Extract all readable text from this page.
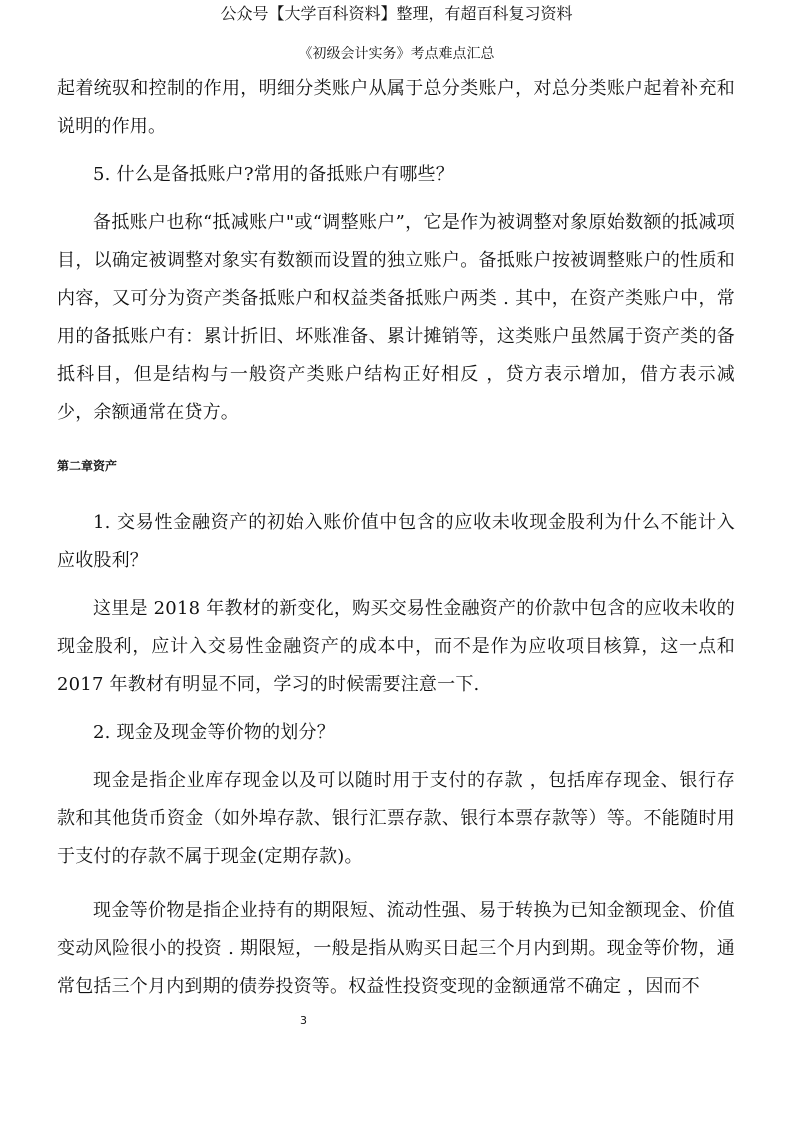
公众号【大学百科资料】整理，有超百科复习资料
《初级会计实务》考点难点汇总

起着统驭和控制的作用，明细分类账户从属于总分类账户，对总分类账户起着补充和说明的作用。

5. 什么是备抵账户?常用的备抵账户有哪些？

备抵账户也称“抵减账户"或“调整账户”，它是作为被调整对象原始数额的抵减项目，以确定被调整对象实有数额而设置的独立账户。备抵账户按被调整账户的性质和内容，又可分为资产类备抵账户和权益类备抵账户两类 . 其中，在资产类账户中，常用的备抵账户有：累计折旧、坏账准备、累计摊销等，这类账户虽然属于资产类的备抵科目，但是结构与一般资产类账户结构正好相反 ，贷方表示增加，借方表示减少，余额通常在贷方。

第二章资产

1. 交易性金融资产的初始入账价值中包含的应收未收现金股利为什么不能计入应收股利？

这里是 2018 年教材的新变化，购买交易性金融资产的价款中包含的应收未收的现金股利，应计入交易性金融资产的成本中，而不是作为应收项目核算，这一点和 2017 年教材有明显不同，学习的时候需要注意一下.

2. 现金及现金等价物的划分？

现金是指企业库存现金以及可以随时用于支付的存款 ，包括库存现金、银行存款和其他货币资金（如外埠存款、银行汇票存款、银行本票存款等）等。不能随时用于支付的存款不属于现金(定期存款)。

现金等价物是指企业持有的期限短、流动性强、易于转换为已知金额现金、价值变动风险很小的投资 . 期限短，一般是指从购买日起三个月内到期。现金等价物，通常包括三个月内到期的债券投资等。权益性投资变现的金额通常不确定 ，因而不

3
